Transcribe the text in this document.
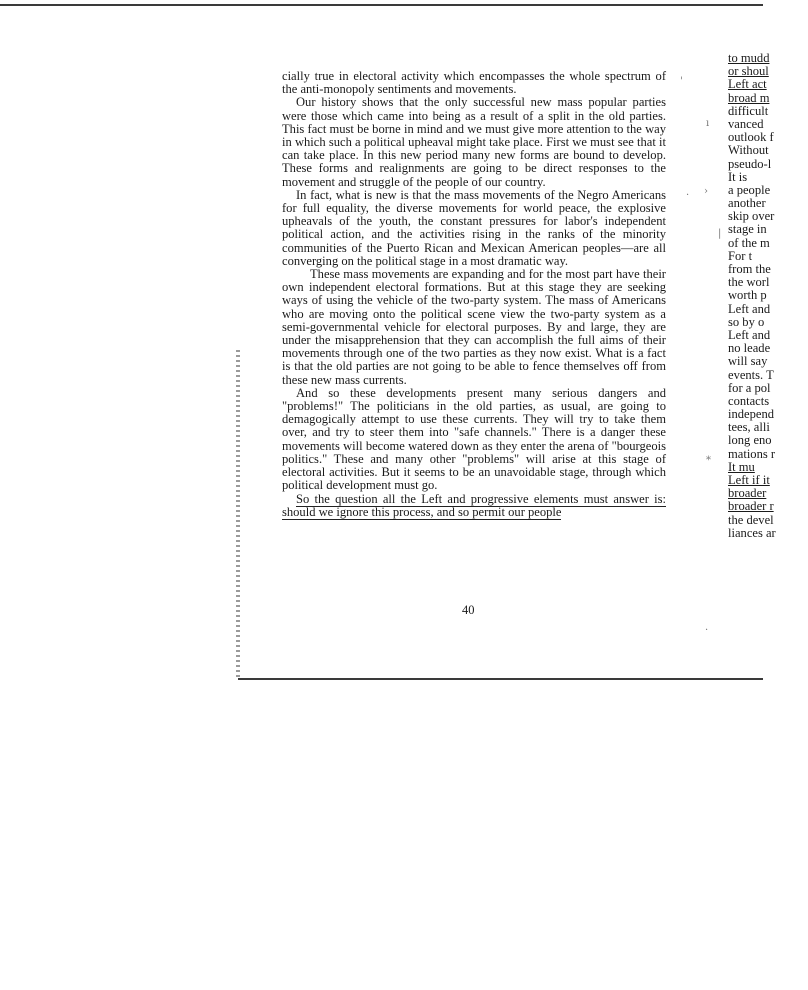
cially true in electoral activity which encompasses the whole spectrum of the anti-monopoly sentiments and movements.

Our history shows that the only successful new mass popular parties were those which came into being as a result of a split in the old parties. This fact must be borne in mind and we must give more attention to the way in which such a political upheaval might take place. First we must see that it can take place. In this new period many new forms are bound to develop. These forms and realignments are going to be direct responses to the movement and struggle of the people of our country.

In fact, what is new is that the mass movements of the Negro Americans for full equality, the diverse movements for world peace, the explosive upheavals of the youth, the constant pressures for labor's independent political action, and the activities rising in the ranks of the minority communities of the Puerto Rican and Mexican American peoples—are all converging on the political stage in a most dramatic way.

These mass movements are expanding and for the most part have their own independent electoral formations. But at this stage they are seeking ways of using the vehicle of the two-party system. The mass of Americans who are moving onto the political scene view the two-party system as a semi-governmental vehicle for electoral purposes. By and large, they are under the misapprehension that they can accomplish the full aims of their movements through one of the two parties as they now exist. What is a fact is that the old parties are not going to be able to fence themselves off from these new mass currents.

And so these developments present many serious dangers and "problems!" The politicians in the old parties, as usual, are going to demagogically attempt to use these currents. They will try to take them over, and try to steer them into "safe channels." There is a danger these movements will become watered down as they enter the arena of "bourgeois politics." These and many other "problems" will arise at this stage of electoral activities. But it seems to be an unavoidable stage, through which political development must go.

So the question all the Left and progressive elements must answer is: should we ignore this process, and so permit our people

40
to mudd
or shoul
Left act
broad m
difficult
vanced
outlook f
Without
pseudo-l
It is
a people
another
skip over
stage in
of the m
For t
from the
the worl
worth p
Left and
so by o
Left and
no leade
will say
events. T
for a pol
contacts
independ
tees, alli
long eno
mations r
It mu
Left if it
broader
broader r
the devel
liances ar
'
ı
· ›
|
*
·
